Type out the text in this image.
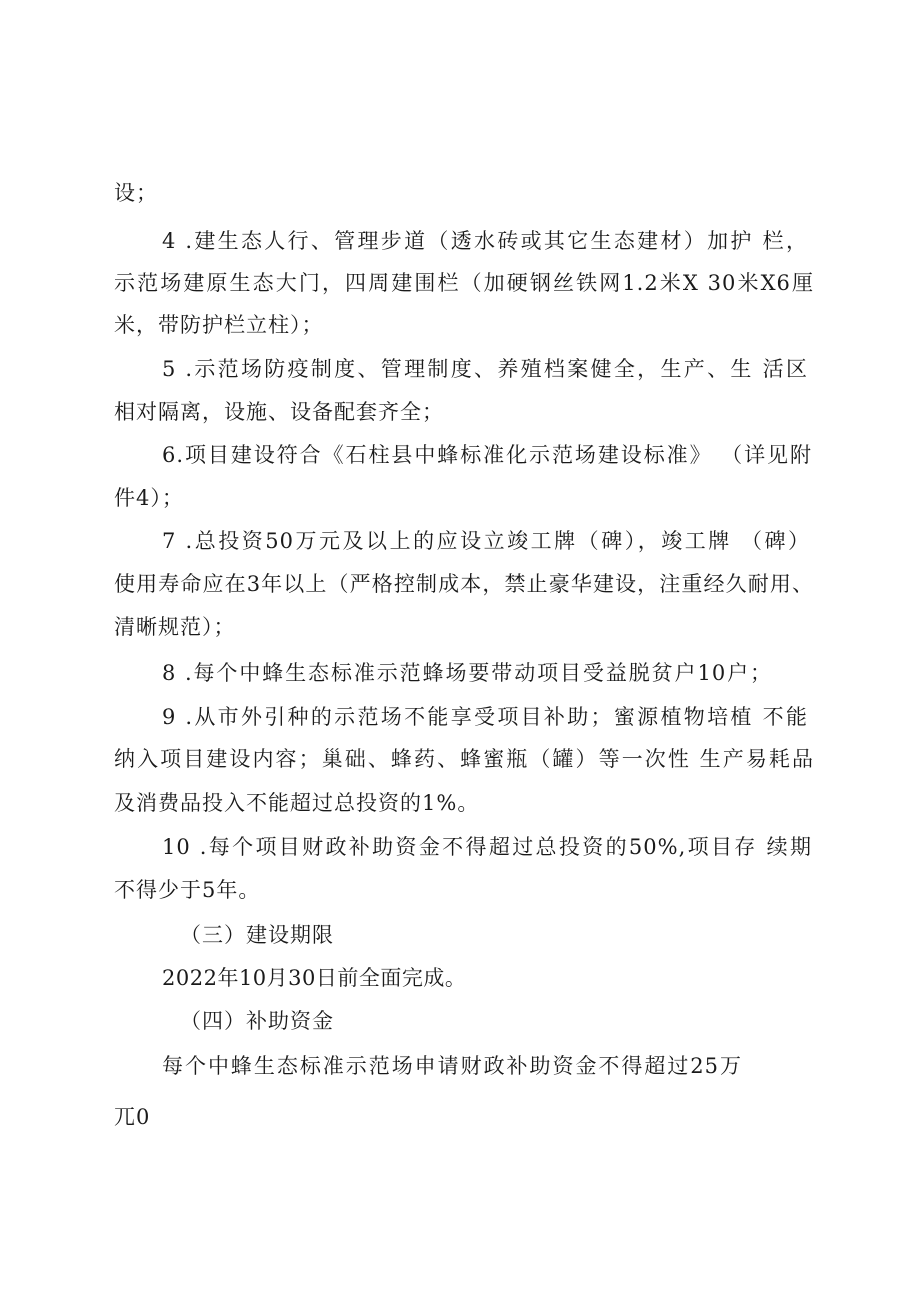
设；
4 .建生态人行、管理步道（透水砖或其它生态建材）加护 栏，
示范场建原生态大门，四周建围栏（加硬钢丝铁网1.2米X 30米X6厘
米，带防护栏立柱）；
5 .示范场防疫制度、管理制度、养殖档案健全，生产、生 活区
相对隔离，设施、设备配套齐全；
6.项目建设符合《石柱县中蜂标准化示范场建设标准》 （详见附
件4）；
7 .总投资50万元及以上的应设立竣工牌（碑），竣工牌 （碑）
使用寿命应在3年以上（严格控制成本，禁止豪华建设，注重经久耐用、
清晰规范）；
8 .每个中蜂生态标准示范蜂场要带动项目受益脱贫户10户；
9 .从市外引种的示范场不能享受项目补助；蜜源植物培植 不能
纳入项目建设内容；巢础、蜂药、蜂蜜瓶（罐）等一次性 生产易耗品
及消费品投入不能超过总投资的1%。
10 .每个项目财政补助资金不得超过总投资的50%,项目存 续期
不得少于5年。
（三）建设期限
2022年10月30日前全面完成。
（四）补助资金
每个中蜂生态标准示范场申请财政补助资金不得超过25万
兀0
